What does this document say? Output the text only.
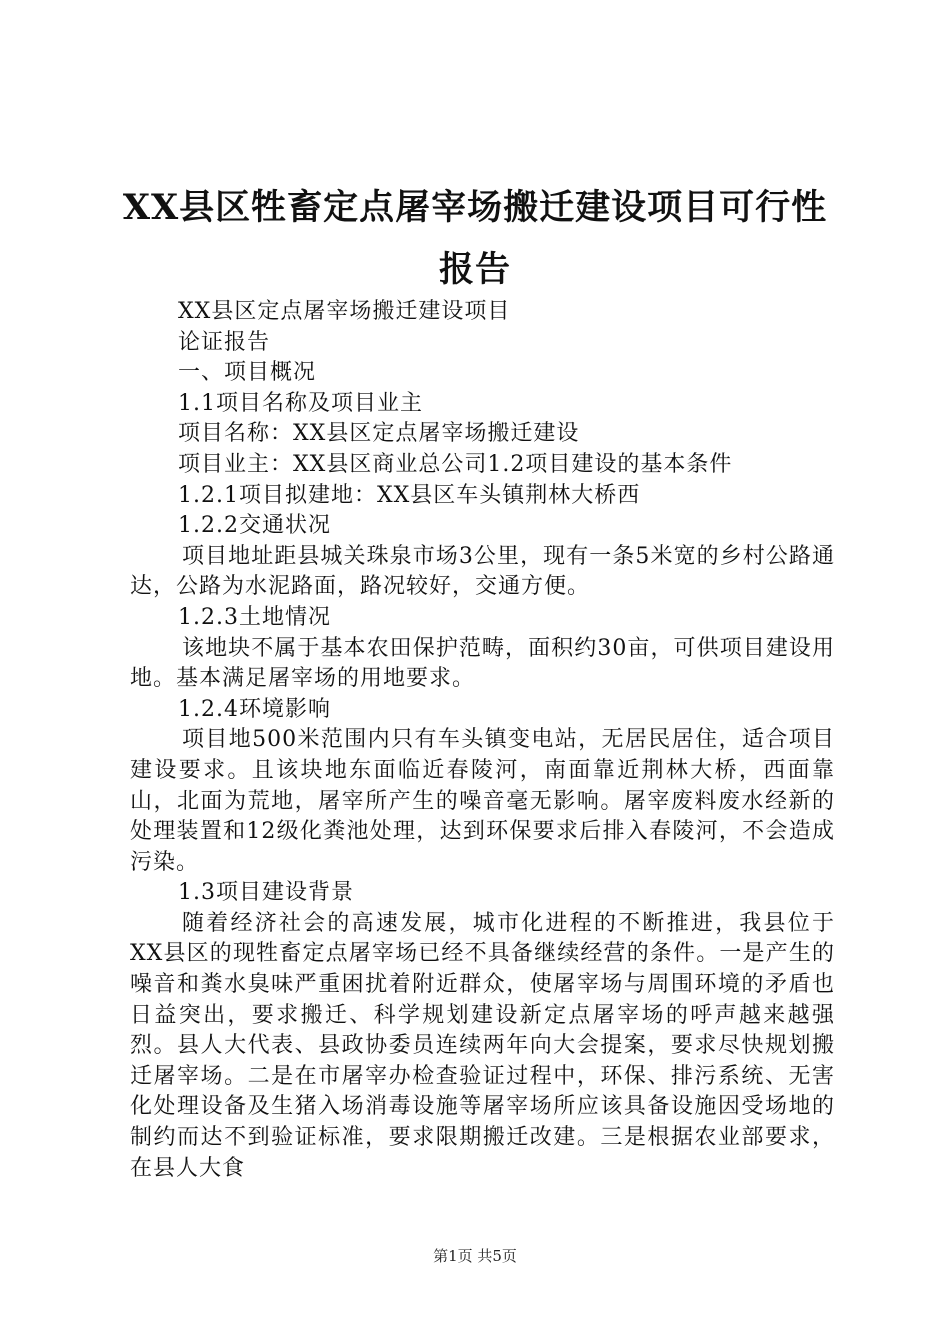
XX县区牲畜定点屠宰场搬迁建设项目可行性
报告

XX县区定点屠宰场搬迁建设项目

论证报告

一、项目概况

1.1项目名称及项目业主

项目名称：XX县区定点屠宰场搬迁建设

项目业主：XX县区商业总公司1.2项目建设的基本条件

1.2.1项目拟建地：XX县区车头镇荆林大桥西

1.2.2交通状况

项目地址距县城关珠泉市场3公里，现有一条5米宽的乡村公路通达，公路为水泥路面，路况较好，交通方便。

1.2.3土地情况

该地块不属于基本农田保护范畴，面积约30亩，可供项目建设用地。基本满足屠宰场的用地要求。

1.2.4环境影响

项目地500米范围内只有车头镇变电站，无居民居住，适合项目建设要求。且该块地东面临近春陵河，南面靠近荆林大桥，西面靠山，北面为荒地，屠宰所产生的噪音毫无影响。屠宰废料废水经新的处理装置和12级化粪池处理，达到环保要求后排入春陵河，不会造成污染。

1.3项目建设背景

随着经济社会的高速发展，城市化进程的不断推进，我县位于XX县区的现牲畜定点屠宰场已经不具备继续经营的条件。一是产生的噪音和粪水臭味严重困扰着附近群众，使屠宰场与周围环境的矛盾也日益突出，要求搬迁、科学规划建设新定点屠宰场的呼声越来越强烈。县人大代表、县政协委员连续两年向大会提案，要求尽快规划搬迁屠宰场。二是在市屠宰办检查验证过程中，环保、排污系统、无害化处理设备及生猪入场消毒设施等屠宰场所应该具备设施因受场地的制约而达不到验证标准，要求限期搬迁改建。三是根据农业部要求，在县人大食

第1页 共5页
